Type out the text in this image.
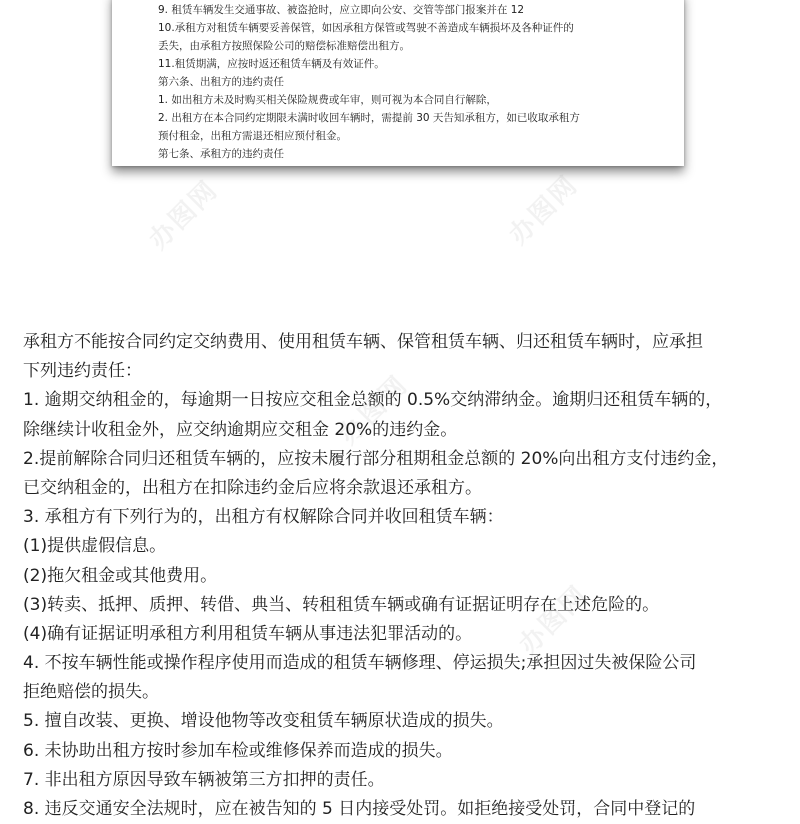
办图网	办图网
办图网
办图网
9. 租赁车辆发生交通事故、被盗抢时，应立即向公安、交管等部门报案并在 12
10.承租方对租赁车辆要妥善保管，如因承租方保管或驾驶不善造成车辆损坏及各种证件的
丢失，由承租方按照保险公司的赔偿标准赔偿出租方。
11.租赁期满，应按时返还租赁车辆及有效证件。
第六条、出租方的违约责任
1. 如出租方未及时购买相关保险规费或年审，则可视为本合同自行解除，
2. 出租方在本合同约定期限未满时收回车辆时，需提前 30 天告知承租方，如已收取承租方
预付租金，出租方需退还相应预付租金。
第七条、承租方的违约责任
承租方不能按合同约定交纳费用、使用租赁车辆、保管租赁车辆、归还租赁车辆时，应承担
下列违约责任：
1. 逾期交纳租金的，每逾期一日按应交租金总额的 0.5%交纳滞纳金。逾期归还租赁车辆的，
除继续计收租金外，应交纳逾期应交租金 20%的违约金。
2.提前解除合同归还租赁车辆的，应按未履行部分租期租金总额的 20%向出租方支付违约金，
已交纳租金的，出租方在扣除违约金后应将余款退还承租方。
3. 承租方有下列行为的，出租方有权解除合同并收回租赁车辆：
(1)提供虚假信息。
(2)拖欠租金或其他费用。
(3)转卖、抵押、质押、转借、典当、转租租赁车辆或确有证据证明存在上述危险的。
(4)确有证据证明承租方利用租赁车辆从事违法犯罪活动的。
4. 不按车辆性能或操作程序使用而造成的租赁车辆修理、停运损失;承担因过失被保险公司
拒绝赔偿的损失。
5. 擅自改装、更换、增设他物等改变租赁车辆原状造成的损失。
6. 未协助出租方按时参加车检或维修保养而造成的损失。
7. 非出租方原因导致车辆被第三方扣押的责任。
8. 违反交通安全法规时，应在被告知的 5 日内接受处罚。如拒绝接受处罚，合同中登记的
